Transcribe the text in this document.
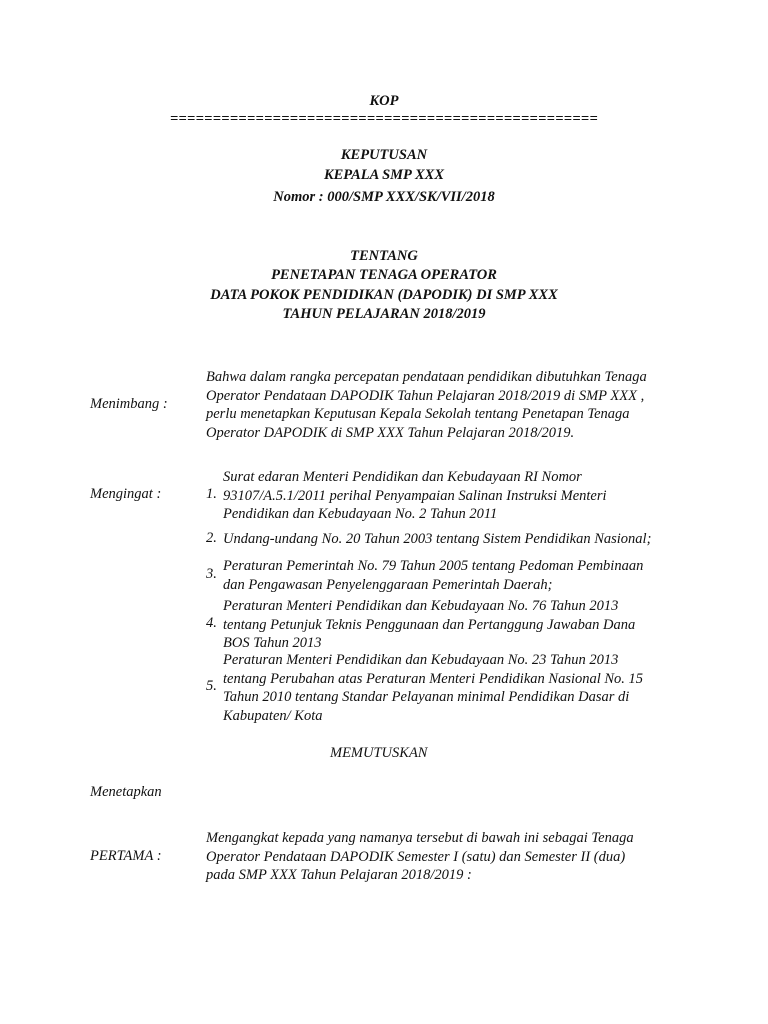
KOP
==================================================
KEPUTUSAN
KEPALA SMP XXX
Nomor : 000/SMP XXX/SK/VII/2018
TENTANG
PENETAPAN TENAGA OPERATOR
DATA POKOK PENDIDIKAN (DAPODIK) DI SMP XXX
TAHUN PELAJARAN 2018/2019
Menimbang :
Bahwa dalam rangka percepatan pendataan pendidikan dibutuhkan Tenaga
Operator Pendataan DAPODIK Tahun Pelajaran 2018/2019 di SMP XXX ,
perlu menetapkan Keputusan Kepala Sekolah tentang Penetapan Tenaga
Operator DAPODIK di SMP XXX Tahun Pelajaran 2018/2019.
Mengingat :	1.
Surat edaran Menteri Pendidikan dan Kebudayaan RI Nomor
93107/A.5.1/2011 perihal Penyampaian Salinan Instruksi Menteri
Pendidikan dan Kebudayaan No. 2 Tahun 2011
2. Undang-undang No. 20 Tahun 2003 tentang Sistem Pendidikan Nasional;
3. Peraturan Pemerintah No. 79 Tahun 2005 tentang Pedoman Pembinaan
dan Pengawasan Penyelenggaraan Pemerintah Daerah;
4.
Peraturan Menteri Pendidikan dan Kebudayaan No. 76 Tahun 2013
tentang Petunjuk Teknis Penggunaan dan Pertanggung Jawaban Dana
BOS Tahun 2013
5.
Peraturan Menteri Pendidikan dan Kebudayaan No. 23 Tahun 2013
tentang Perubahan atas Peraturan Menteri Pendidikan Nasional No. 15
Tahun 2010 tentang Standar Pelayanan minimal Pendidikan Dasar di
Kabupaten/ Kota
MEMUTUSKAN
Menetapkan
PERTAMA :
Mengangkat kepada yang namanya tersebut di bawah ini sebagai Tenaga
Operator Pendataan DAPODIK Semester I (satu) dan Semester II (dua)
pada SMP XXX Tahun Pelajaran 2018/2019 :
